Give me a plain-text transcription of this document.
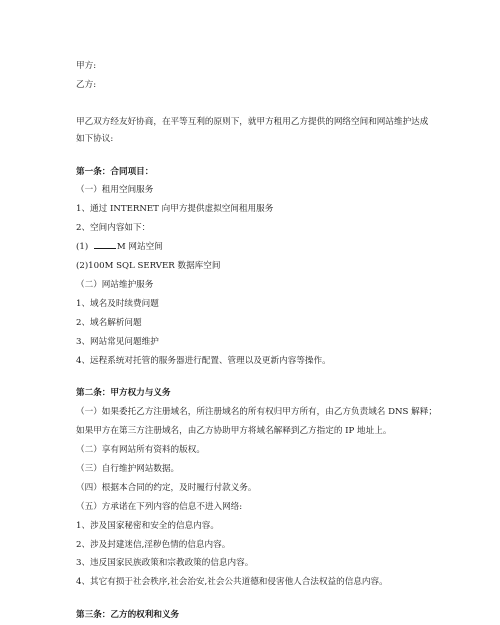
甲方:
乙方:
甲乙双方经友好协商，在平等互利的原则下，就甲方租用乙方提供的网络空间和网站维护达成如下协议:
第一条：合同项目：
（一）租用空间服务
1、通过 INTERNET 向甲方提供虚拟空间租用服务
2、空间内容如下：
(1)	M 网站空间
(2)100M SQL SERVER 数据库空间
（二）网站维护服务
1、域名及时续费问题
2、域名解析问题
3、网站常见问题维护
4、远程系统对托管的服务器进行配置、管理以及更新内容等操作。
第二条：甲方权力与义务
（一）如果委托乙方注册域名，所注册域名的所有权归甲方所有，由乙方负责域名 DNS 解释；
如果甲方在第三方注册域名，由乙方协助甲方将域名解释到乙方指定的 IP 地址上。
（二）享有网站所有资料的版权。
（三）自行维护网站数据。
（四）根据本合同的约定，及时履行付款义务。
（五）方承诺在下列内容的信息不进入网络:
1、涉及国家秘密和安全的信息内容。
2、涉及封建迷信,淫秽色情的信息内容。
3、违反国家民族政策和宗教政策的信息内容。
4、其它有损于社会秩序,社会治安,社会公共道德和侵害他人合法权益的信息内容。
第三条：乙方的权利和义务
